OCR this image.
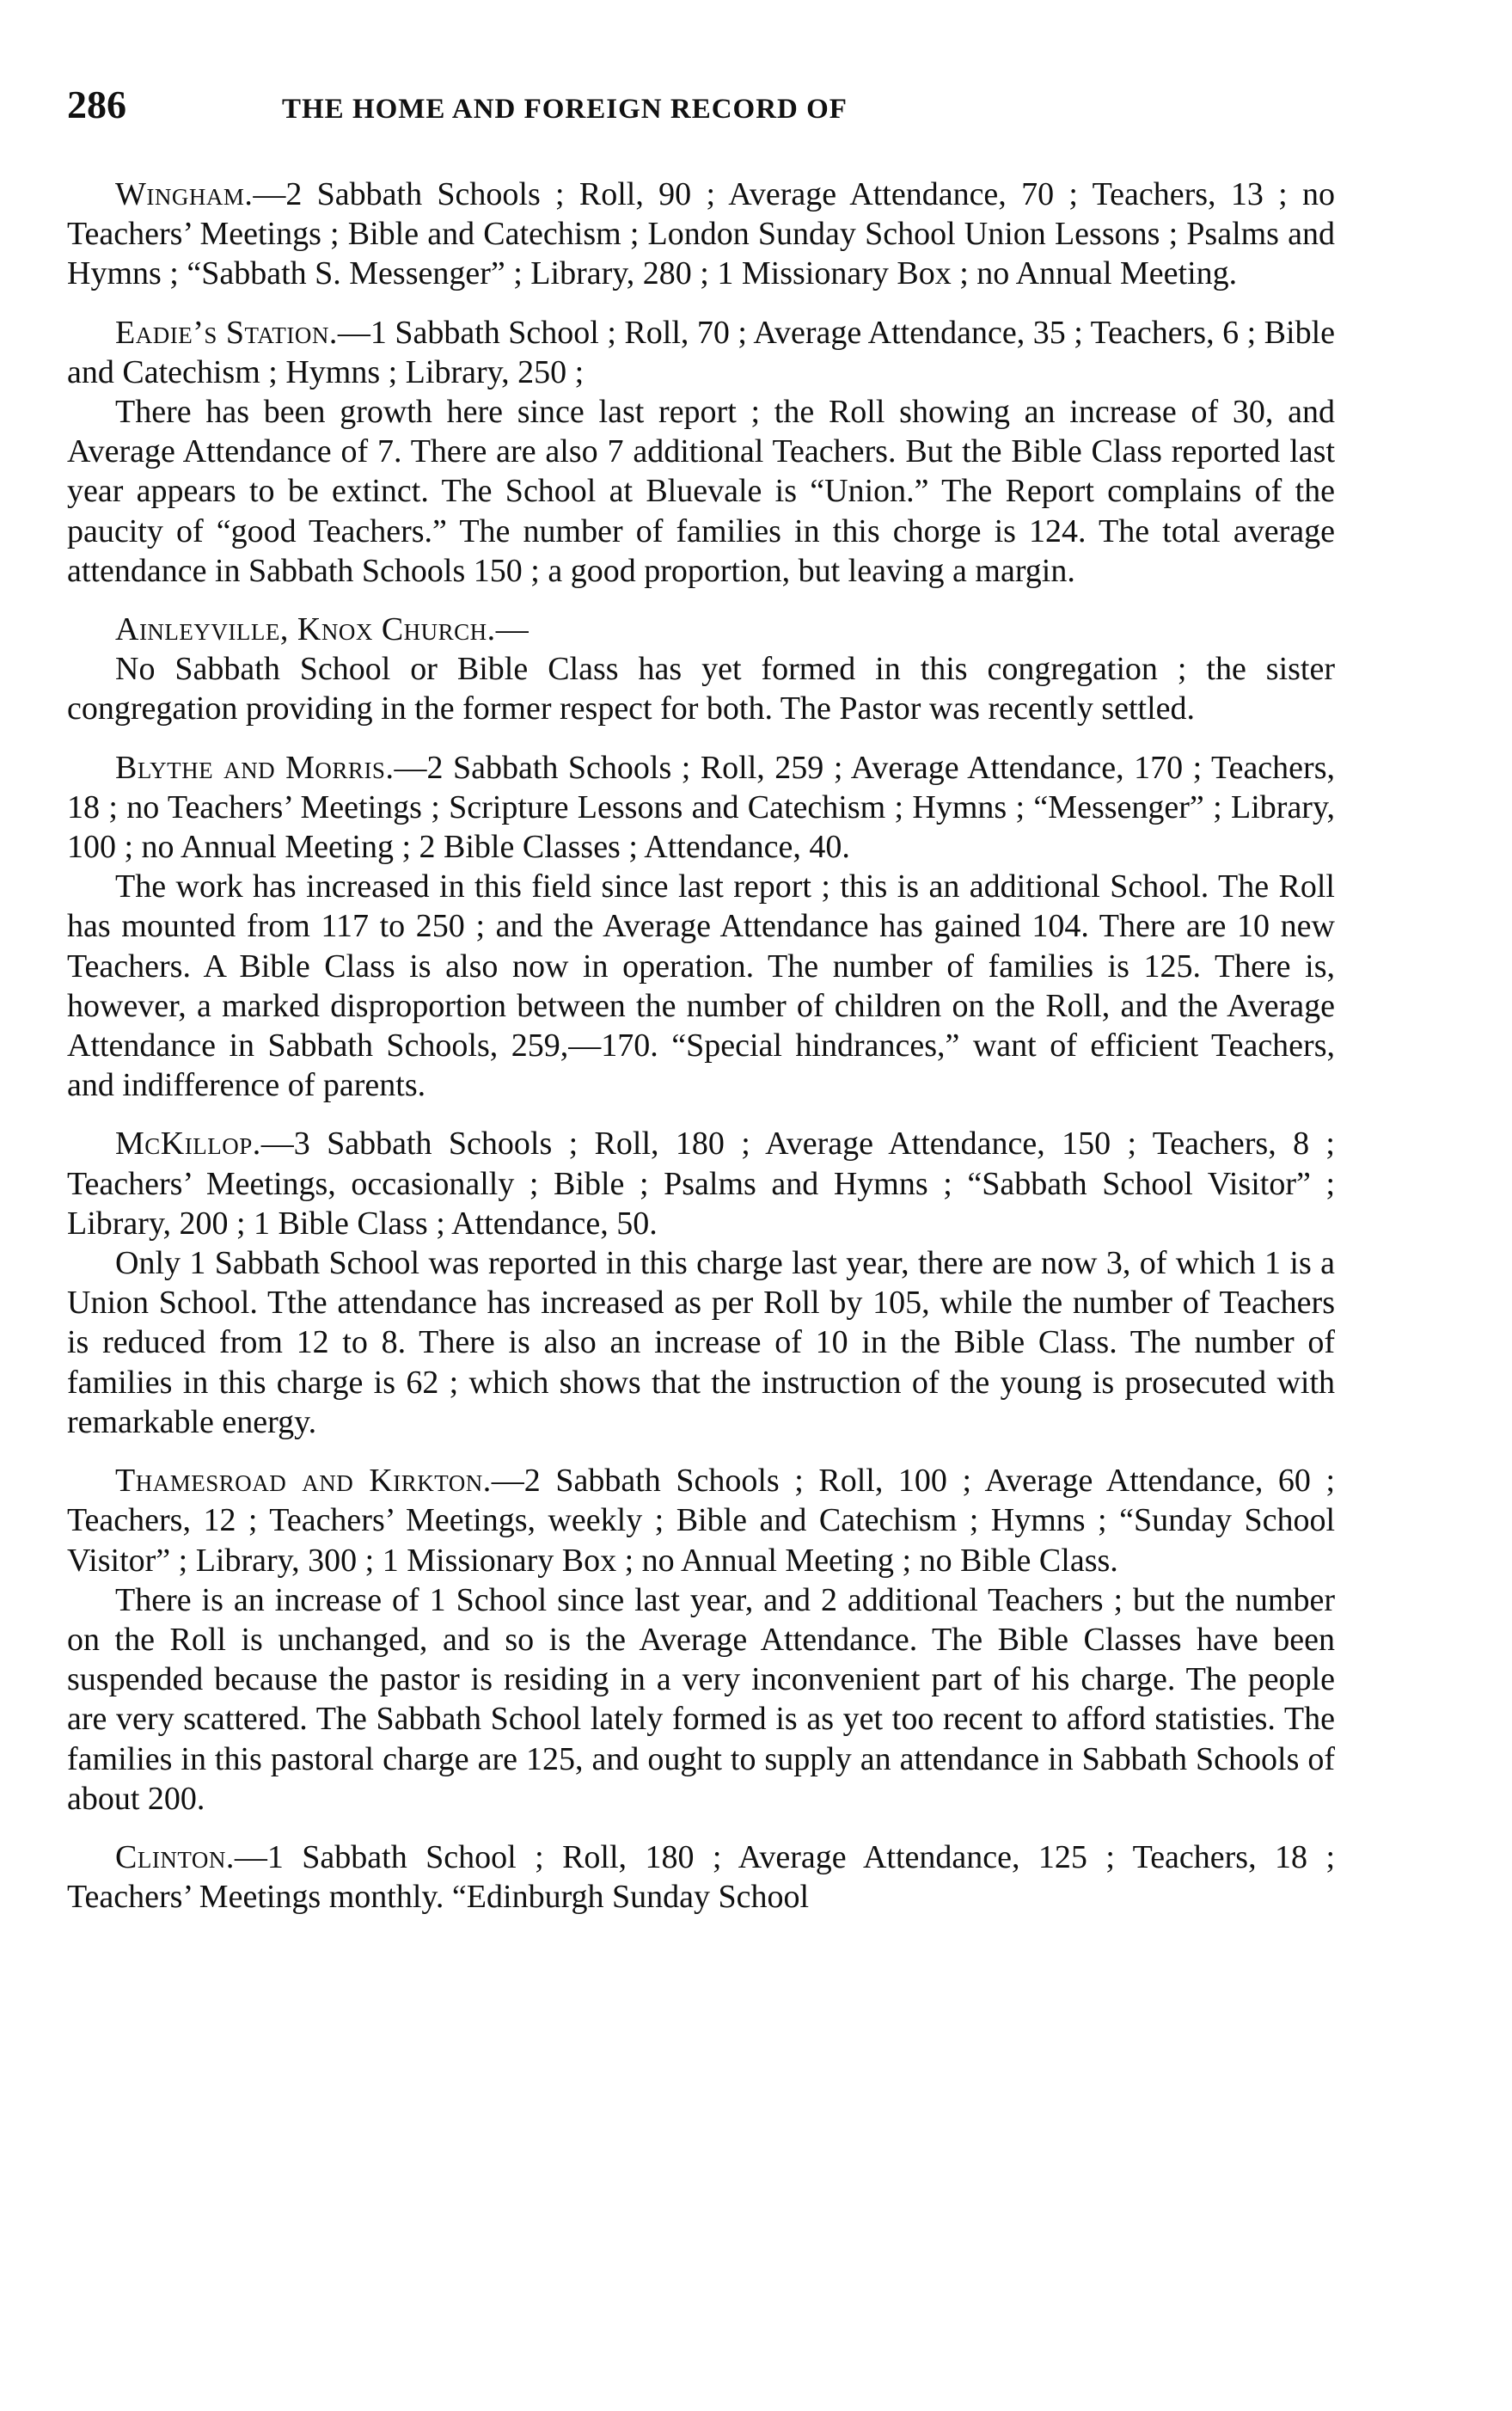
286	THE HOME AND FOREIGN RECORD OF

Wingham.—2 Sabbath Schools ; Roll, 90 ; Average Attendance, 70 ; Teachers, 13 ; no Teachers’ Meetings ; Bible and Catechism ; London Sunday School Union Lessons ; Psalms and Hymns ; “Sabbath S. Messenger” ; Library, 280 ; 1 Missionary Box ; no Annual Meeting.

Eadie’s Station.—1 Sabbath School ; Roll, 70 ; Average Attendance, 35 ; Teachers, 6 ; Bible and Catechism ; Hymns ; Library, 250 ;

There has been growth here since last report ; the Roll showing an increase of 30, and Average Attendance of 7. There are also 7 additional Teachers. But the Bible Class reported last year appears to be extinct. The School at Bluevale is “Union.” The Report complains of the paucity of “good Teachers.” The number of families in this chorge is 124. The total average attendance in Sabbath Schools 150 ; a good proportion, but leaving a margin.

Ainleyville, Knox Church.—

No Sabbath School or Bible Class has yet formed in this congregation ; the sister congregation providing in the former respect for both. The Pastor was recently settled.

Blythe and Morris.—2 Sabbath Schools ; Roll, 259 ; Average Attendance, 170 ; Teachers, 18 ; no Teachers’ Meetings ; Scripture Lessons and Catechism ; Hymns ; “Messenger” ; Library, 100 ; no Annual Meeting ; 2 Bible Classes ; Attendance, 40.

The work has increased in this field since last report ; this is an additional School. The Roll has mounted from 117 to 250 ; and the Average Attendance has gained 104. There are 10 new Teachers. A Bible Class is also now in operation. The number of families is 125. There is, however, a marked disproportion between the number of children on the Roll, and the Average Attendance in Sabbath Schools, 259,—170. “Special hindrances,” want of efficient Teachers, and indifference of parents.

McKillop.—3 Sabbath Schools ; Roll, 180 ; Average Attendance, 150 ; Teachers, 8 ; Teachers’ Meetings, occasionally ; Bible ; Psalms and Hymns ; “Sabbath School Visitor” ; Library, 200 ; 1 Bible Class ; Attendance, 50.

Only 1 Sabbath School was reported in this charge last year, there are now 3, of which 1 is a Union School. Tthe attendance has increased as per Roll by 105, while the number of Teachers is reduced from 12 to 8. There is also an increase of 10 in the Bible Class. The number of families in this charge is 62 ; which shows that the instruction of the young is prosecuted with remarkable energy.

Thamesroad and Kirkton.—2 Sabbath Schools ; Roll, 100 ; Average Attendance, 60 ; Teachers, 12 ; Teachers’ Meetings, weekly ; Bible and Catechism ; Hymns ; “Sunday School Visitor” ; Library, 300 ; 1 Missionary Box ; no Annual Meeting ; no Bible Class.

There is an increase of 1 School since last year, and 2 additional Teachers ; but the number on the Roll is unchanged, and so is the Average Attendance. The Bible Classes have been suspended because the pastor is residing in a very inconvenient part of his charge. The people are very scattered. The Sabbath School lately formed is as yet too recent to afford statisties. The families in this pastoral charge are 125, and ought to supply an attendance in Sabbath Schools of about 200.

Clinton.—1 Sabbath School ; Roll, 180 ; Average Attendance, 125 ; Teachers, 18 ; Teachers’ Meetings monthly. “Edinburgh Sunday School
